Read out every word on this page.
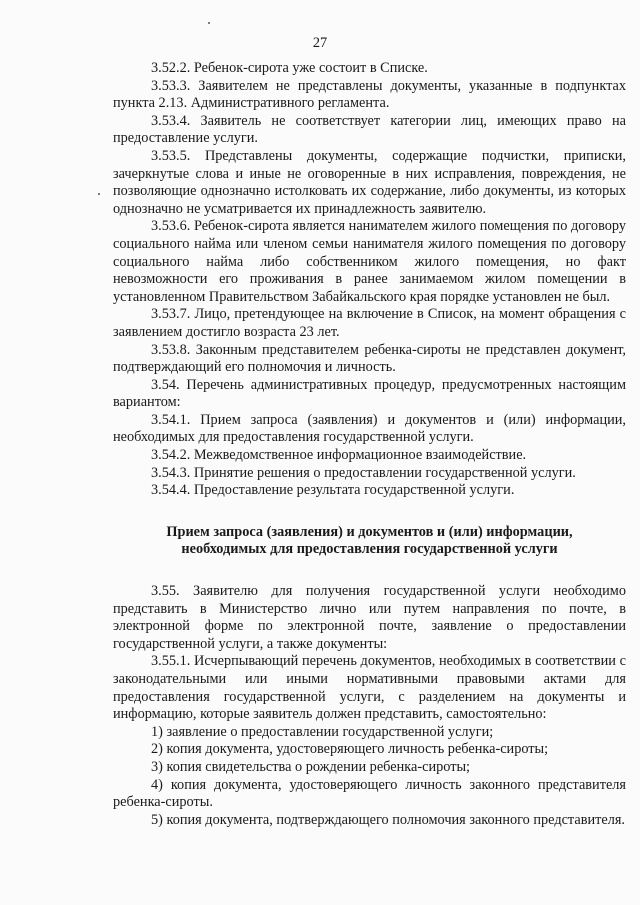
27

3.52.2. Ребенок-сирота уже состоит в Списке.

3.53.3. Заявителем не представлены документы, указанные в подпунктах пункта 2.13. Административного регламента.

3.53.4. Заявитель не соответствует категории лиц, имеющих право на предоставление услуги.

3.53.5. Представлены документы, содержащие подчистки, приписки, зачеркнутые слова и иные не оговоренные в них исправления, повреждения, не позволяющие однозначно истолковать их содержание, либо документы, из которых однозначно не усматривается их принадлежность заявителю.

3.53.6. Ребенок-сирота является нанимателем жилого помещения по договору социального найма или членом семьи нанимателя жилого помещения по договору социального найма либо собственником жилого помещения, но факт невозможности его проживания в ранее занимаемом жилом помещении в установленном Правительством Забайкальского края порядке установлен не был.

3.53.7. Лицо, претендующее на включение в Список, на момент обращения с заявлением достигло возраста 23 лет.

3.53.8. Законным представителем ребенка-сироты не представлен документ, подтверждающий его полномочия и личность.

3.54. Перечень административных процедур, предусмотренных настоящим вариантом:

3.54.1. Прием запроса (заявления) и документов и (или) информации, необходимых для предоставления государственной услуги.

3.54.2. Межведомственное информационное взаимодействие.

3.54.3. Принятие решения о предоставлении государственной услуги.

3.54.4. Предоставление результата государственной услуги.

Прием запроса (заявления) и документов и (или) информации,

необходимых для предоставления государственной услуги

3.55. Заявителю для получения государственной услуги необходимо представить в Министерство лично или путем направления по почте, в электронной форме по электронной почте, заявление о предоставлении государственной услуги, а также документы:

3.55.1. Исчерпывающий перечень документов, необходимых в соответствии с законодательными или иными нормативными правовыми актами для предоставления государственной услуги, с разделением на документы и информацию, которые заявитель должен представить, самостоятельно:

1) заявление о предоставлении государственной услуги;

2) копия документа, удостоверяющего личность ребенка-сироты;

3) копия свидетельства о рождении ребенка-сироты;

4) копия документа, удостоверяющего личность законного представителя ребенка-сироты.

5) копия документа, подтверждающего полномочия законного представителя.
